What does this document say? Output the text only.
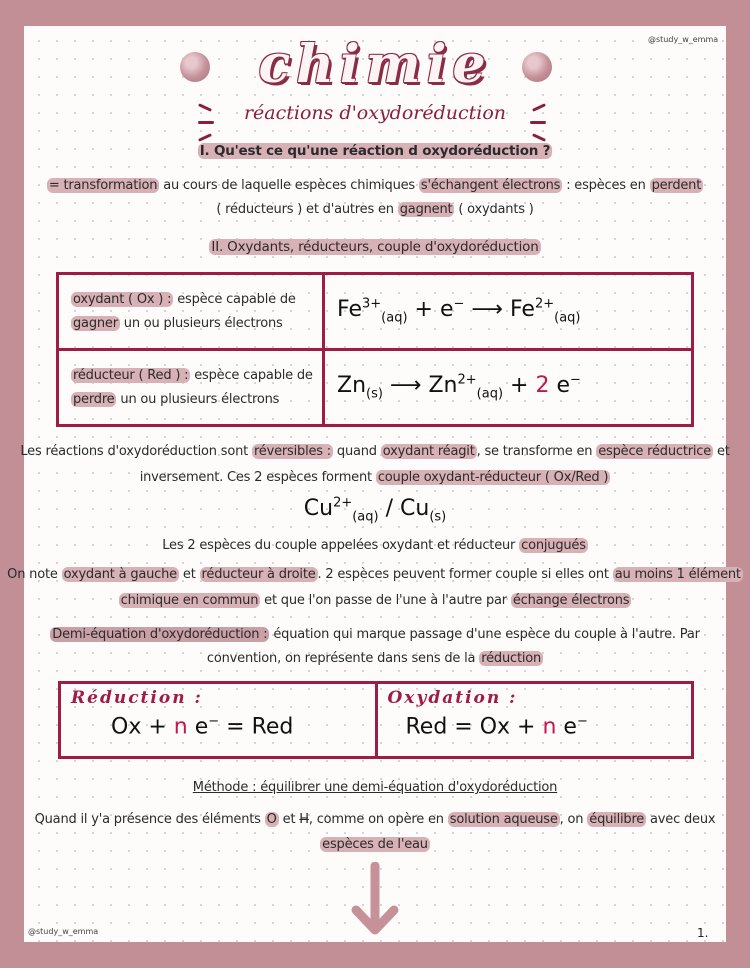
@study_w_emma
chimie
réactions d'oxydoréduction
I. Qu'est ce qu'une réaction d oxydoréduction ?
= transformation au cours de laquelle espèces chimiques s'échangent électrons : espèces en perdent
( réducteurs ) et d'autres en gagnent ( oxydants )
II. Oxydants, réducteurs, couple d'oxydoréduction
oxydant ( Ox ) : espèce capable de
gagner un ou plusieurs électrons	$Fe^{3+}_{(aq)} + e^-$ ⟶ $Fe^{2+}_{(aq)}$
réducteur ( Red ) : espèce capable de
perdre un ou plusieurs électrons	$Zn_{(s)}$ ⟶ $Zn^{2+}_{(aq)} + 2$ e−
Les réactions d'oxydoréduction sont réversibles : quand oxydant réagit , se transforme en espèce réductrice et
inversement. Ces 2 espèces forment couple oxydant-réducteur ( Ox/Red )
$Cu^{2+}_{(aq)} / Cu_{(s)}$
Les 2 espèces du couple appelées oxydant et réducteur conjugués
On note oxydant à gauche et réducteur à droite . 2 espèces peuvent former couple si elles ont au moins 1 élément
chimique en commun et que l'on passe de l'une à l'autre par échange électrons
Demi-équation d'oxydoréduction : équation qui marque passage d'une espèce du couple à l'autre. Par
convention, on représente dans sens de la réduction
Réduction :
Ox + n e− = Red

Oxydation :
Red = Ox + n e−
Méthode : équilibrer une demi-équation d'oxydoréduction
Quand il y'a présence des éléments O et H, comme on opère en solution aqueuse , on équilibre avec deux
espèces de l'eau
@study_w_emma	1.
